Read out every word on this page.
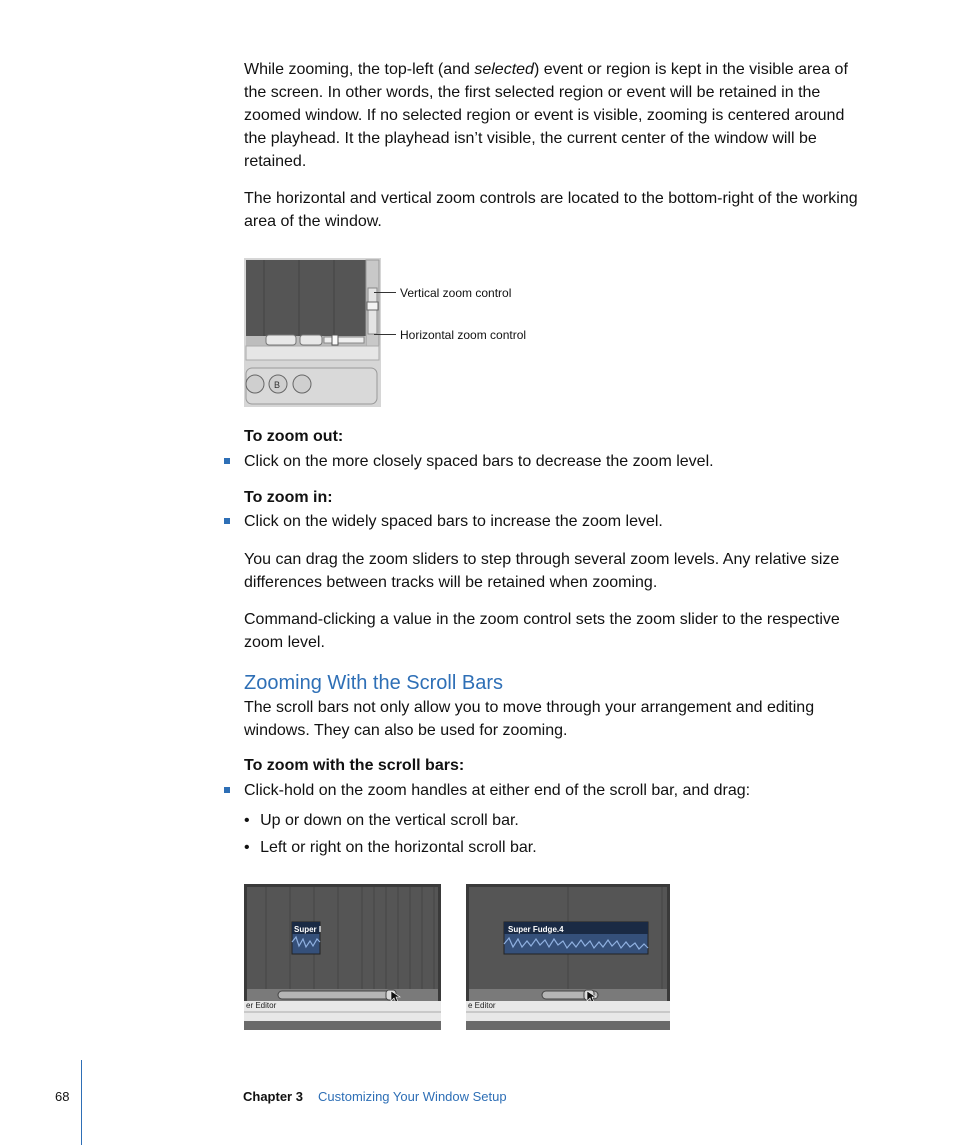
While zooming, the top-left (and selected) event or region is kept in the visible area of the screen. In other words, the first selected region or event will be retained in the zoomed window. If no selected region or event is visible, zooming is centered around the playhead. It the playhead isn’t visible, the current center of the window will be retained.

The horizontal and vertical zoom controls are located to the bottom-right of the working area of the window.

B
Vertical zoom control
Horizontal zoom control

To zoom out:

Click on the more closely spaced bars to decrease the zoom level.

To zoom in:

Click on the widely spaced bars to increase the zoom level.

You can drag the zoom sliders to step through several zoom levels. Any relative size differences between tracks will be retained when zooming.

Command-clicking a value in the zoom control sets the zoom slider to the respective zoom level.

Zooming With the Scroll Bars

The scroll bars not only allow you to move through your arrangement and editing windows. They can also be used for zooming.

To zoom with the scroll bars:

Click-hold on the zoom handles at either end of the scroll bar, and drag:
• Up or down on the vertical scroll bar.
• Left or right on the horizontal scroll bar.
Super I
er Editor
Super Fudge.4
e Editor
68	Chapter 3 Customizing Your Window Setup
